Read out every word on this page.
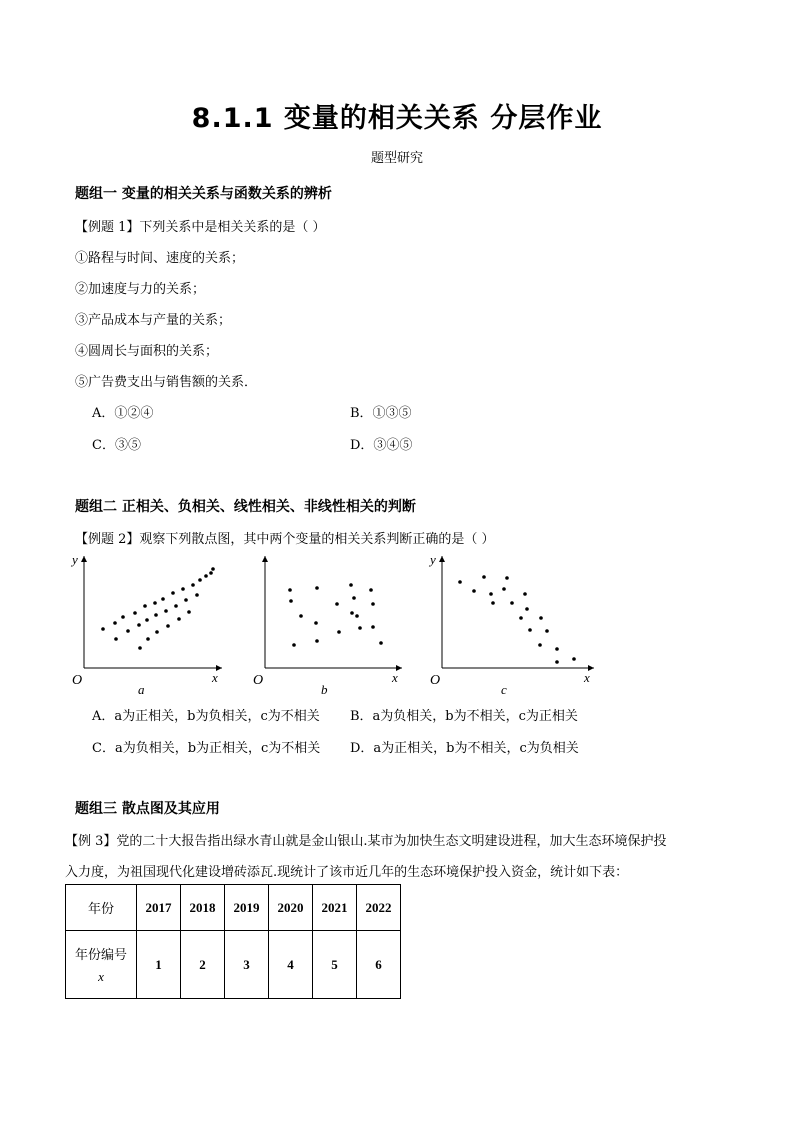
8.1.1 变量的相关关系 分层作业
题型研究
题组一 变量的相关关系与函数关系的辨析
【例题 1】下列关系中是相关关系的是（ ）
①路程与时间、速度的关系；
②加速度与力的关系；
③产品成本与产量的关系；
④圆周长与面积的关系；
⑤广告费支出与销售额的关系．
A．①②④	B．①③⑤
C．③⑤	D．③④⑤
题组二 正相关、负相关、线性相关、非线性相关的判断
【例题 2】观察下列散点图，其中两个变量的相关关系判断正确的是（ ）
y
x
O
a
x
O
b
y
x
O
c
A．a为正相关，b为负相关，c为不相关 B．a为负相关，b为不相关，c为正相关
C．a为负相关，b为正相关，c为不相关 D．a为正相关，b为不相关，c为负相关
题组三 散点图及其应用
【例 3】党的二十大报告指出绿水青山就是金山银山.某市为加快生态文明建设进程，加大生态环境保护投
入力度，为祖国现代化建设增砖添瓦.现统计了该市近几年的生态环境保护投入资金，统计如下表：
年份	2017	2018	2019	2020	2021	2022

年份编号
x	1	2	3	4	5	6
